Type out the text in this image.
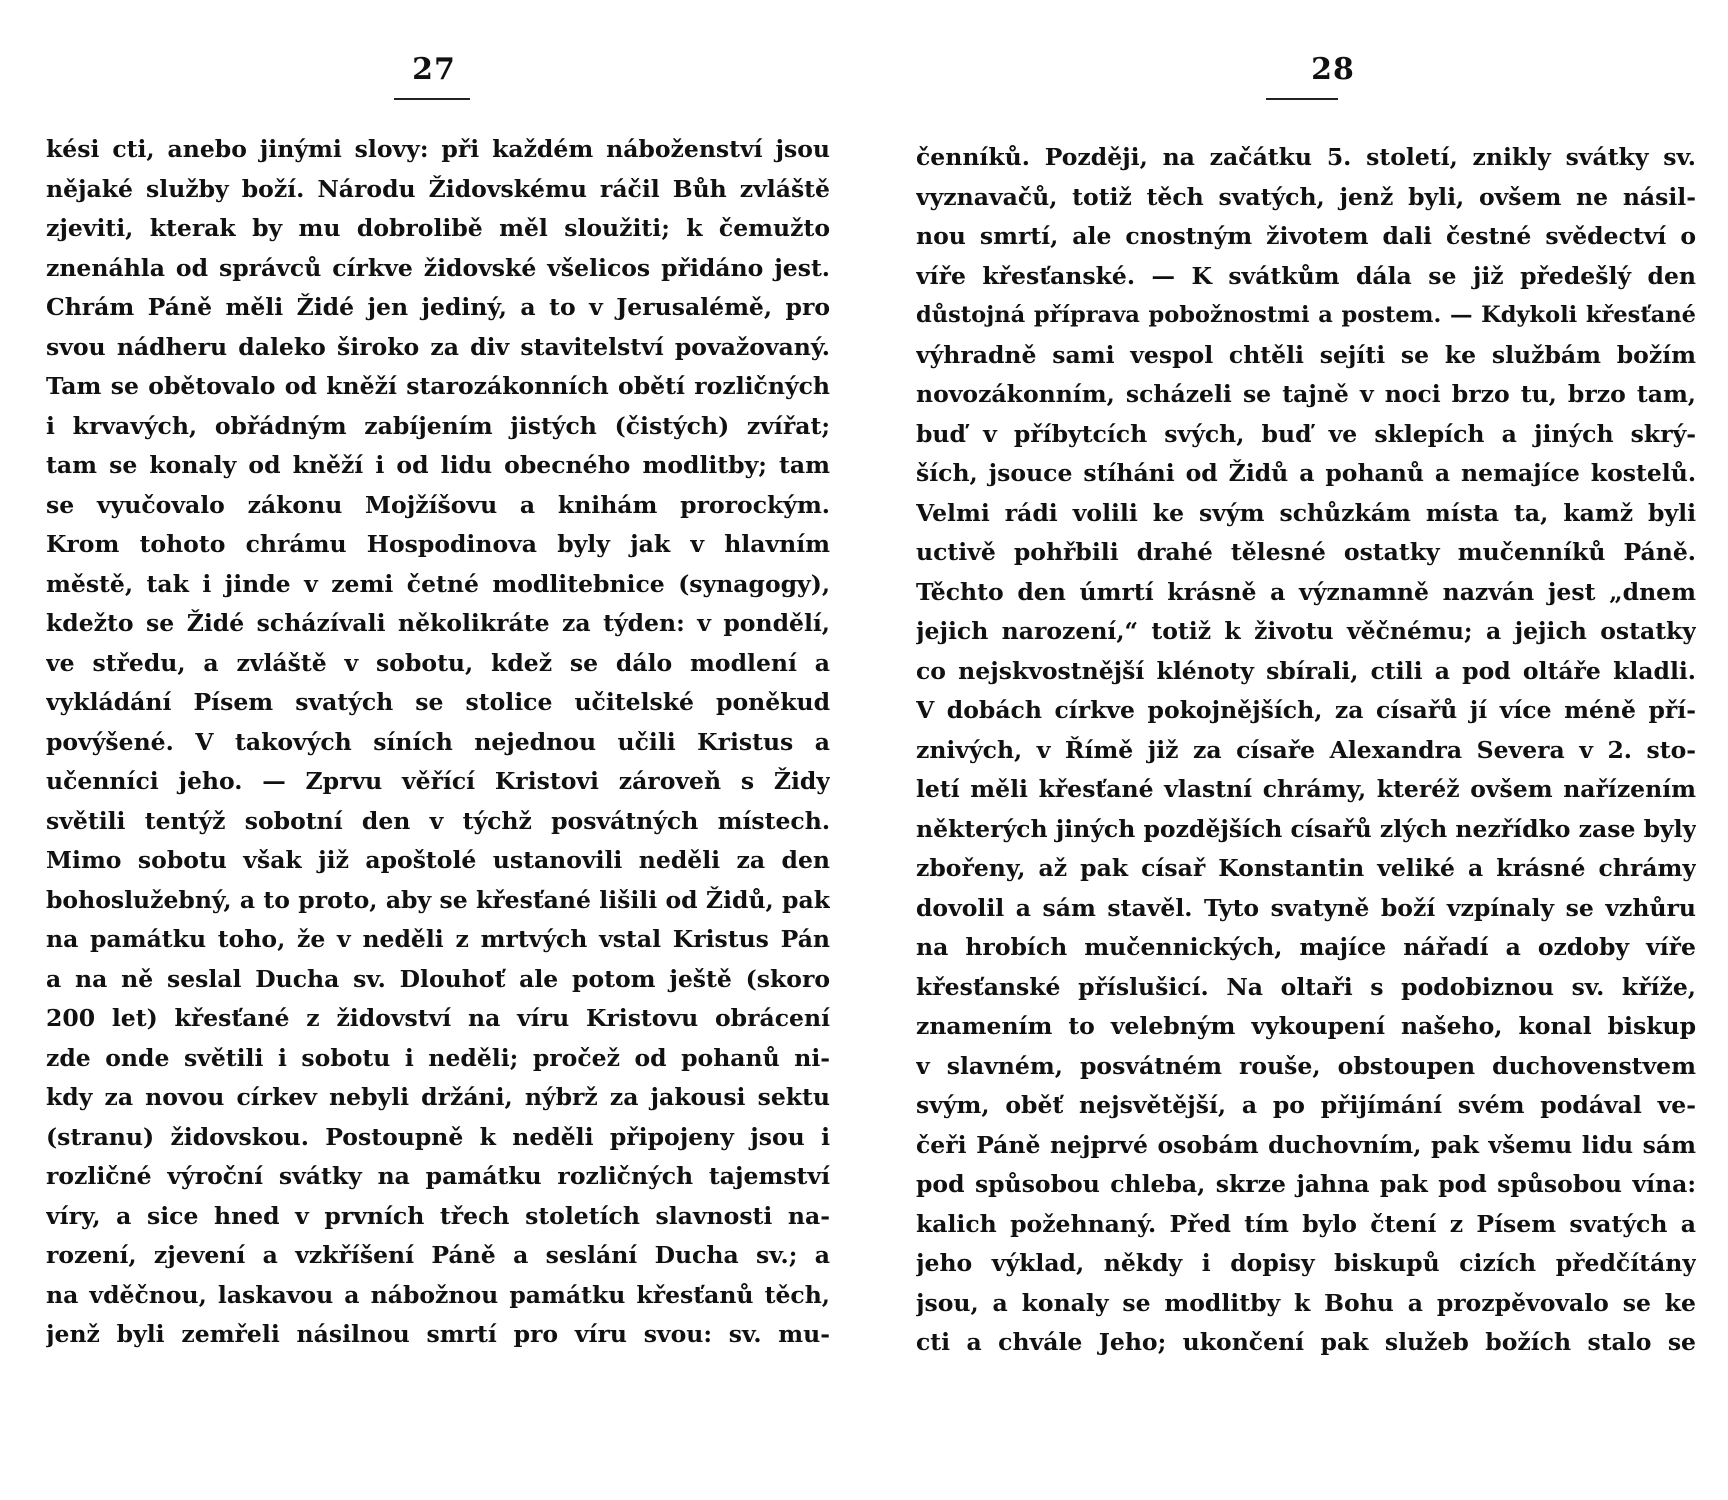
27
kési cti, anebo jinými slovy: při každém náboženství jsou
nějaké služby boží. Národu Židovskému ráčil Bůh zvláště
zjeviti, kterak by mu dobrolibě měl sloužiti; k čemužto
znenáhla od správců církve židovské všelicos přidáno jest.
Chrám Páně měli Židé jen jediný, a to v Jerusalémě, pro
svou nádheru daleko široko za div stavitelství považovaný.
Tam se obětovalo od kněží starozákonních obětí rozličných
i krvavých, obřádným zabíjením jistých (čistých) zvířat;
tam se konaly od kněží i od lidu obecného modlitby; tam
se vyučovalo zákonu Mojžíšovu a knihám prorockým.
Krom tohoto chrámu Hospodinova byly jak v hlavním
městě, tak i jinde v zemi četné modlitebnice (synagogy),
kdežto se Židé scházívali několikráte za týden: v pondělí,
ve středu, a zvláště v sobotu, kdež se dálo modlení a
vykládání Písem svatých se stolice učitelské poněkud
povýšené. V takových síních nejednou učili Kristus a
učenníci jeho. — Zprvu věřící Kristovi zároveň s Židy
světili tentýž sobotní den v týchž posvátných místech.
Mimo sobotu však již apoštolé ustanovili neděli za den
bohoslužebný, a to proto, aby se křesťané lišili od Židů, pak
na památku toho, že v neděli z mrtvých vstal Kristus Pán
a na ně seslal Ducha sv. Dlouhoť ale potom ještě (skoro
200 let) křesťané z židovství na víru Kristovu obrácení
zde onde světili i sobotu i neděli; pročež od pohanů ni-
kdy za novou církev nebyli držáni, nýbrž za jakousi sektu
(stranu) židovskou. Postoupně k neděli připojeny jsou i
rozličné výroční svátky na památku rozličných tajemství
víry, a sice hned v prvních třech stoletích slavnosti na-
rození, zjevení a vzkříšení Páně a seslání Ducha sv.; a
na vděčnou, laskavou a nábožnou památku křesťanů těch,
jenž byli zemřeli násilnou smrtí pro víru svou: sv. mu-
28
čenníků. Později, na začátku 5. století, znikly svátky sv.
vyznavačů, totiž těch svatých, jenž byli, ovšem ne násil-
nou smrtí, ale cnostným životem dali čestné svědectví o
víře křesťanské. — K svátkům dála se již předešlý den
důstojná příprava pobožnostmi a postem. — Kdykoli křesťané
výhradně sami vespol chtěli sejíti se ke službám božím
novozákonním, scházeli se tajně v noci brzo tu, brzo tam,
buď v příbytcích svých, buď ve sklepích a jiných skrý-
ších, jsouce stíháni od Židů a pohanů a nemajíce kostelů.
Velmi rádi volili ke svým schůzkám místa ta, kamž byli
uctivě pohřbili drahé tělesné ostatky mučenníků Páně.
Těchto den úmrtí krásně a významně nazván jest „dnem
jejich narození,“ totiž k životu věčnému; a jejich ostatky
co nejskvostnější klénoty sbírali, ctili a pod oltáře kladli.
V dobách církve pokojnějších, za císařů jí více méně pří-
znivých, v Římě již za císaře Alexandra Severa v 2. sto-
letí měli křesťané vlastní chrámy, kteréž ovšem nařízením
některých jiných pozdějších císařů zlých nezřídko zase byly
zbořeny, až pak císař Konstantin veliké a krásné chrámy
dovolil a sám stavěl. Tyto svatyně boží vzpínaly se vzhůru
na hrobích mučennických, majíce nářadí a ozdoby víře
křesťanské příslušicí. Na oltaři s podobiznou sv. kříže,
znamením to velebným vykoupení našeho, konal biskup
v slavném, posvátném rouše, obstoupen duchovenstvem
svým, oběť nejsvětější, a po přijímání svém podával ve-
čeři Páně nejprvé osobám duchovním, pak všemu lidu sám
pod spůsobou chleba, skrze jahna pak pod spůsobou vína:
kalich požehnaný. Před tím bylo čtení z Písem svatých a
jeho výklad, někdy i dopisy biskupů cizích předčítány
jsou, a konaly se modlitby k Bohu a prozpěvovalo se ke
cti a chvále Jeho; ukončení pak služeb božích stalo se
